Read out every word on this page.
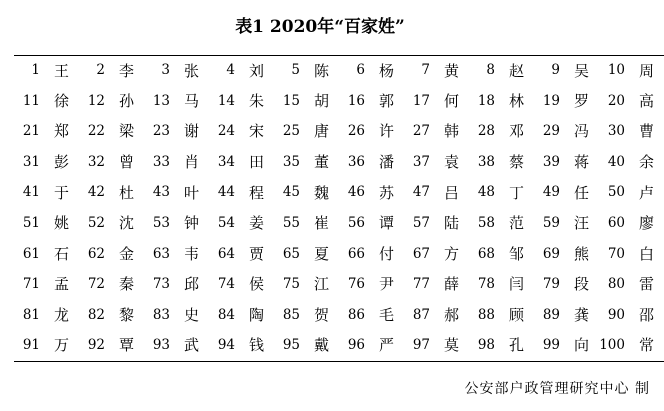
表1 2020年“百家姓”
1	王	2	李	3	张	4	刘	5	陈	6	杨	7	黄	8	赵	9	吴	10	周
11	徐	12	孙	13	马	14	朱	15	胡	16	郭	17	何	18	林	19	罗	20	高
21	郑	22	梁	23	谢	24	宋	25	唐	26	许	27	韩	28	邓	29	冯	30	曹
31	彭	32	曾	33	肖	34	田	35	董	36	潘	37	袁	38	蔡	39	蒋	40	余
41	于	42	杜	43	叶	44	程	45	魏	46	苏	47	吕	48	丁	49	任	50	卢
51	姚	52	沈	53	钟	54	姜	55	崔	56	谭	57	陆	58	范	59	汪	60	廖
61	石	62	金	63	韦	64	贾	65	夏	66	付	67	方	68	邹	69	熊	70	白
71	孟	72	秦	73	邱	74	侯	75	江	76	尹	77	薛	78	闫	79	段	80	雷
81	龙	82	黎	83	史	84	陶	85	贺	86	毛	87	郝	88	顾	89	龚	90	邵
91	万	92	覃	93	武	94	钱	95	戴	96	严	97	莫	98	孔	99	向	100	常
公安部户政管理研究中心 制
